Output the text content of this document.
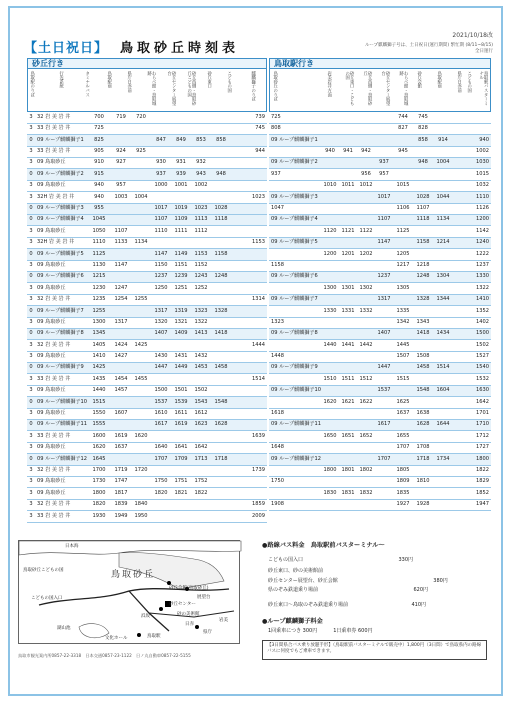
2021/10/18改
【土日祝日】 鳥取砂丘時刻表	ループ麒麟獅子号は、土日祝日(運行期間) 繁忙期 (8/11~8/15) 全日運行
砂丘行き
鳥取駅のりば	行先系統	タミナルバス	鳥取駅前	県庁日赤前	わらべ館・鳥取城跡	砂丘センター展望台	砂丘西側・鳥取砂丘こどもの国	砂丘東口	こどもの国	麒麟獅子のりば
鳥取駅行き
鳥取砂丘のりば	岩美岩井方面	砂丘東口・こどもの国	砂丘西側・鳥取砂丘	砂丘センター展望台	わらべ館・鳥取城跡	砂丘会館	鳥取駅前	県庁日赤前 こどもの国	鳥取駅バスターミナル
3	32 岩 美 岩 井	700	719	720					739
3	33 岩 美 岩 井	725							745
0	09 ループ麒麟獅子1	825			847	849	853	858	
3	33 岩 美 岩 井	905	924	925					944
3	09 鳥取砂丘	910	927		930	931	932		
0	09 ループ麒麟獅子2	915			937	939	943	948	
3	09 鳥取砂丘	940	957		1000	1001	1002		
3	32H 岩 美 岩 井	940	1003	1004					1023
0	09 ループ麒麟獅子3	955			1017	1019	1023	1028	
0	09 ループ麒麟獅子4	1045			1107	1109	1113	1118	
3	09 鳥取砂丘	1050	1107		1110	1111	1112		
3	32H 岩 美 岩 井	1110	1133	1134					1153
0	09 ループ麒麟獅子5	1125			1147	1149	1153	1158	
3	09 鳥取砂丘	1130	1147		1150	1151	1152		
0	09 ループ麒麟獅子6	1215			1237	1239	1243	1248	
3	09 鳥取砂丘	1230	1247		1250	1251	1252		
3	32 岩 美 岩 井	1235	1254	1255					1314
0	09 ループ麒麟獅子7	1255			1317	1319	1323	1328	
3	09 鳥取砂丘	1300	1317		1320	1321	1322		
0	09 ループ麒麟獅子8	1345			1407	1409	1413	1418	
3	32 岩 美 岩 井	1405	1424	1425					1444
3	09 鳥取砂丘	1410	1427		1430	1431	1432		
0	09 ループ麒麟獅子9	1425			1447	1449	1453	1458	
3	33 岩 美 岩 井	1435	1454	1455					1514
3	09 鳥取砂丘	1440	1457		1500	1501	1502		
0	09 ループ麒麟獅子10	1515			1537	1539	1543	1548	
3	09 鳥取砂丘	1550	1607		1610	1611	1612		
0	09 ループ麒麟獅子11	1555			1617	1619	1623	1628	
3	33 岩 美 岩 井	1600	1619	1620					1639
3	09 鳥取砂丘	1620	1637		1640	1641	1642		
0	09 ループ麒麟獅子12	1645			1707	1709	1713	1718	
3	32 岩 美 岩 井	1700	1719	1720					1739
3	09 鳥取砂丘	1730	1747		1750	1751	1752		
3	09 鳥取砂丘	1800	1817		1820	1821	1822		
3	32 岩 美 岩 井	1820	1839	1840					1859
3	33 岩 美 岩 井	1930	1949	1950					2009
725					744	745			
808					827	828			
09 ループ麒麟獅子1						858	914	940	
	940	941	942		945			1002	
09 ループ麒麟獅子2				937		948	1004	1030	
937			956	957				1015	
	1010	1011	1012		1015			1032	
09 ループ麒麟獅子3				1017		1028	1044	1110	
1047					1106	1107		1126	
09 ループ麒麟獅子4				1107		1118	1134	1200	
	1120	1121	1122		1125			1142	
09 ループ麒麟獅子5				1147		1158	1214	1240	
	1200	1201	1202		1205			1222	
1158					1217	1218		1237	
09 ループ麒麟獅子6				1237		1248	1304	1330	
	1300	1301	1302		1305			1322	
09 ループ麒麟獅子7				1317		1328	1344	1410	
	1330	1331	1332		1335			1352	
1323					1342	1343		1402	
09 ループ麒麟獅子8				1407		1418	1434	1500	
	1440	1441	1442		1445			1502	
1448					1507	1508		1527	
09 ループ麒麟獅子9				1447		1458	1514	1540	
	1510	1511	1512		1515			1532	
09 ループ麒麟獅子10				1537		1548	1604	1630	
	1620	1621	1622		1625			1642	
1618					1637	1638		1701	
09 ループ麒麟獅子11				1617		1628	1644	1710	
	1650	1651	1652		1655			1712	
1648					1707	1708		1727	
09 ループ麒麟獅子12				1707		1718	1734	1800	
	1800	1801	1802		1805			1822	
1750					1809	1810		1829	
	1830	1831	1832		1835			1852	
1908					1927	1928		1947	
鳥取砂丘
日本海
鳥取砂丘こどもの国
砂丘会館(鳥取砂丘)
こどもの国入口
砂丘センター
砂の美術館
展望台
浜坂
鳥取駅
岩美
湖山池
文化ホール
日赤
県庁
鳥取市観光案内所0857-22-3318　日本交通0857-23-1122　日ノ丸自動車0857-22-5155
●路線バス料金　鳥取駅前バスターミナル～
こどもの国入口	330円
砂丘東口、砂の美術館前
砂丘センター展望台、砂丘会館	380円
県のぞみ鉄道乗り場前	620円
砂丘東口～鳥取のぞみ鉄道乗り場前	410円
●ループ麒麟獅子料金
1回乗車につき 300円	1日乗車券 600円
【3日間県合バス乗り放題手形】（鳥取駅前バスターミナルで販売中）1,800円（3日間）で鳥取県内の路線バスに何度でもご乗車できます。
